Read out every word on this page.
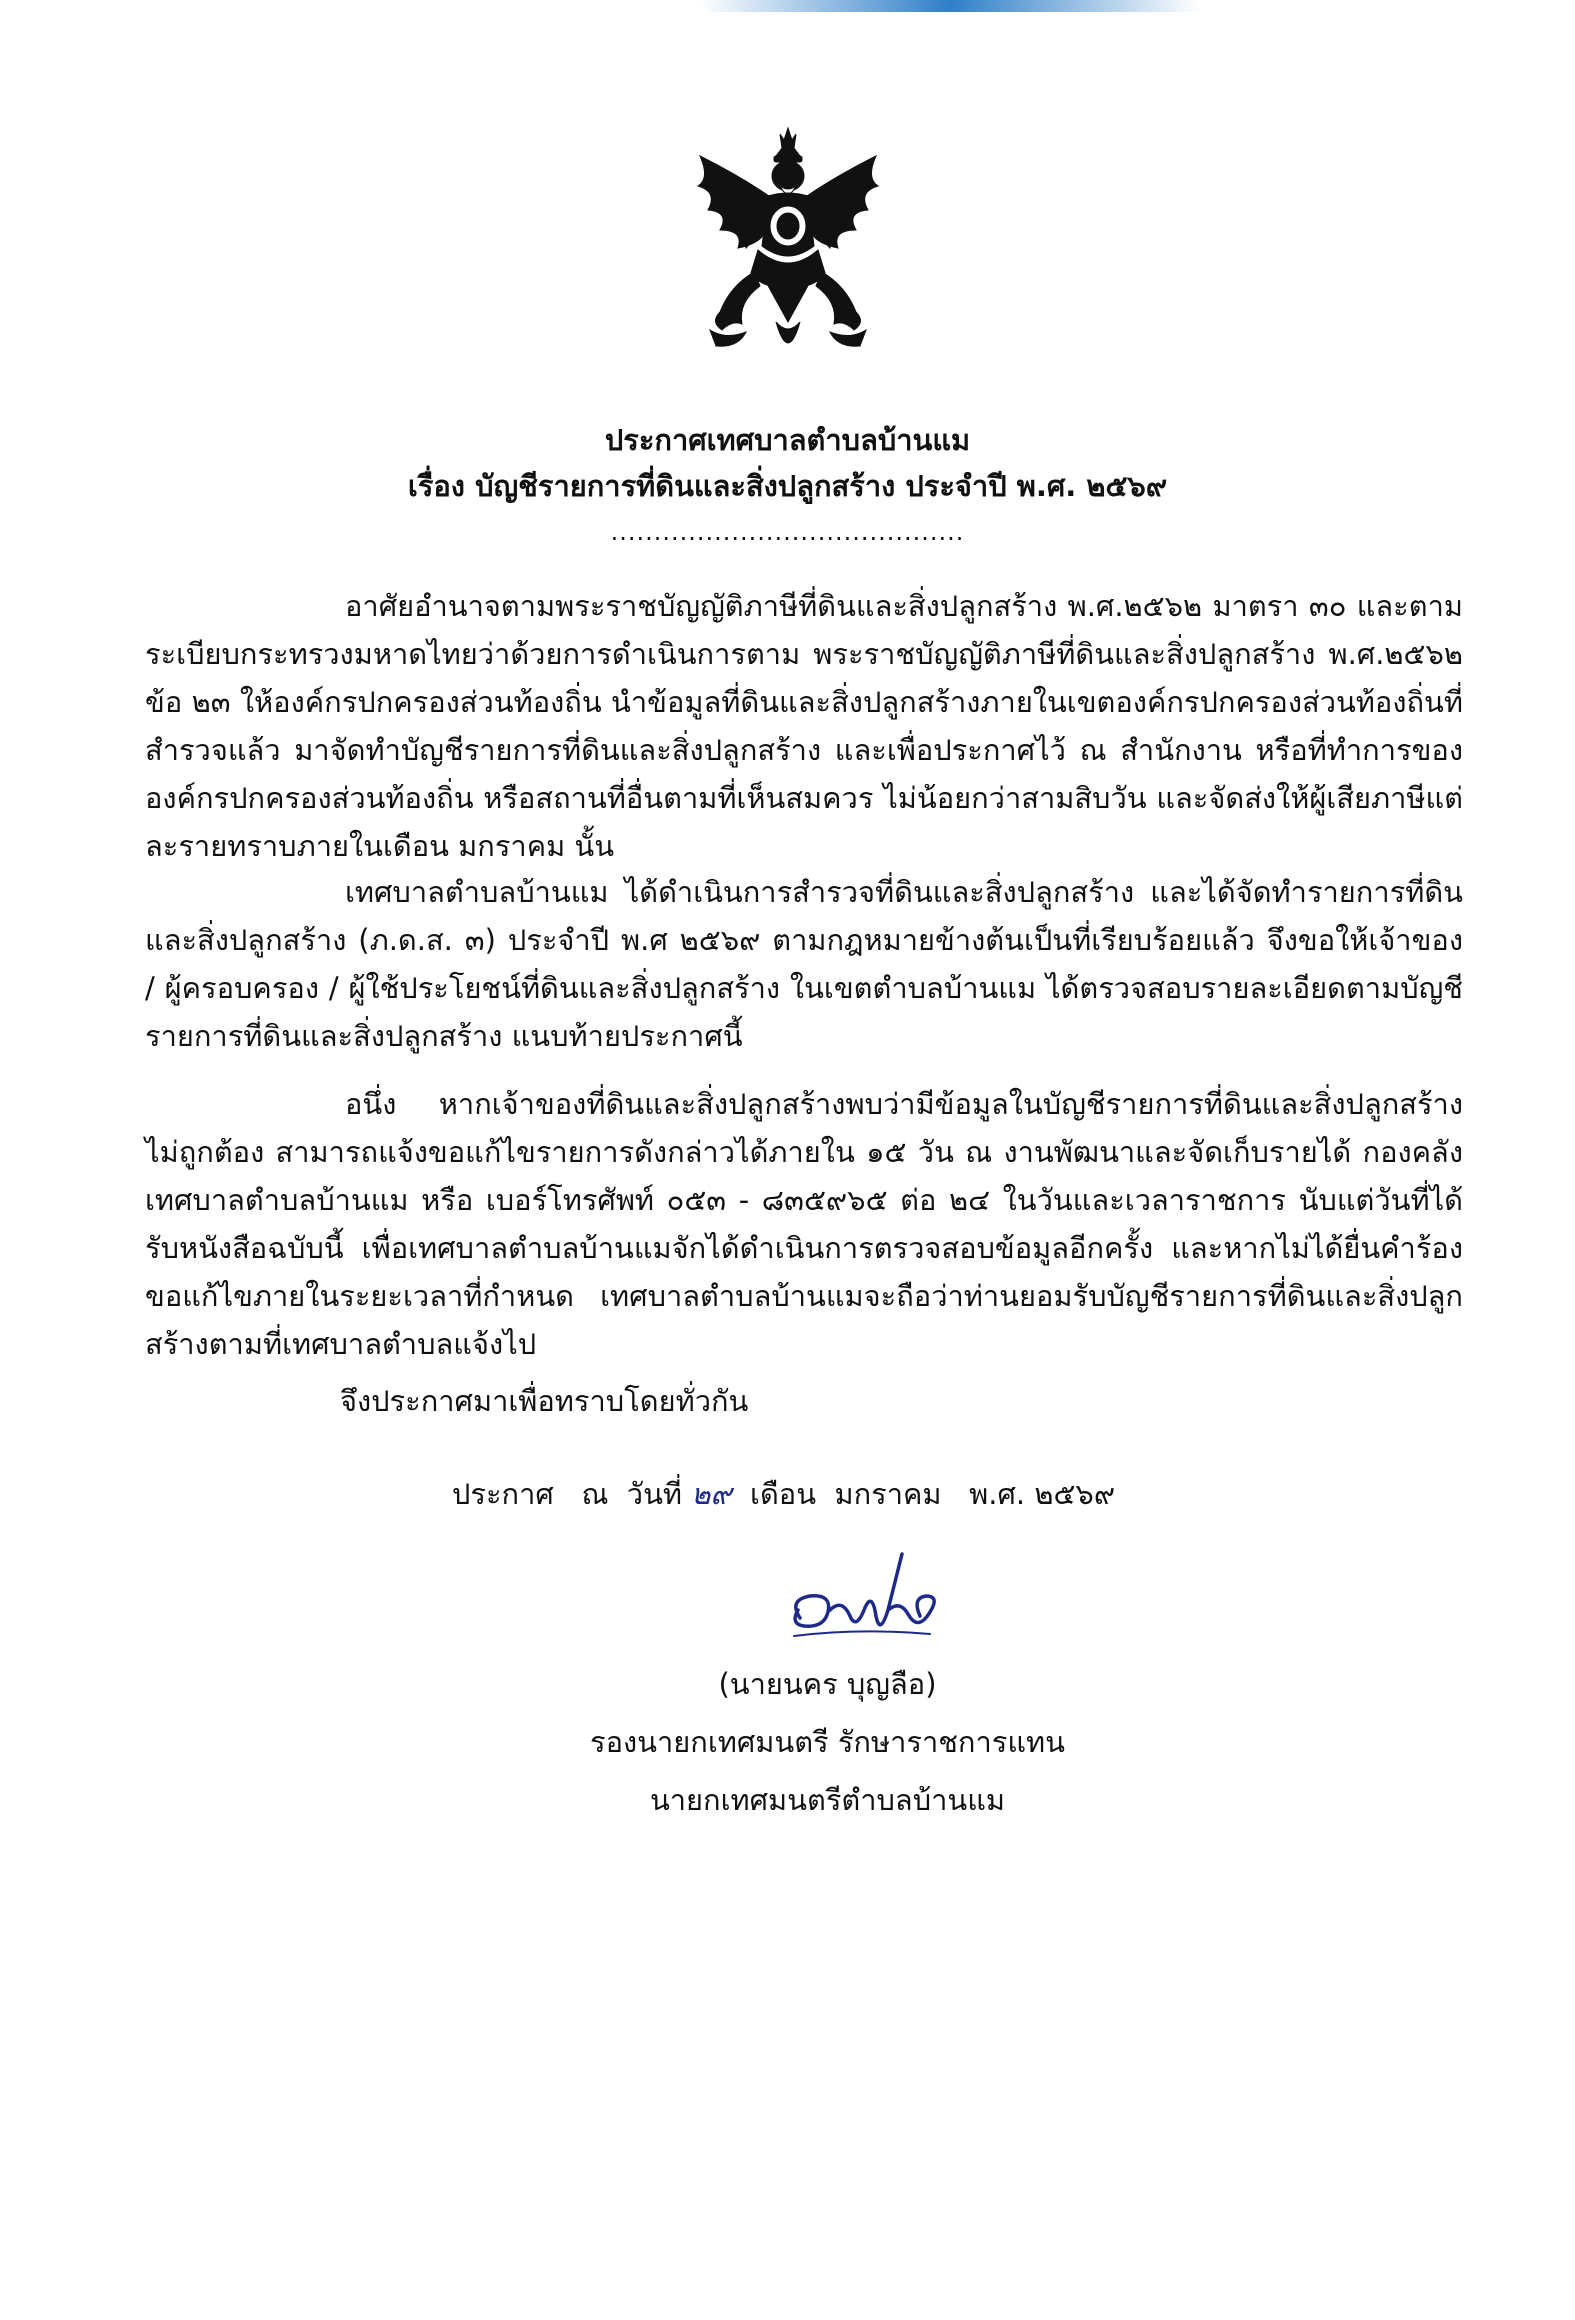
ประกาศเทศบาลตำบลบ้านแม
เรื่อง บัญชีรายการที่ดินและสิ่งปลูกสร้าง ประจำปี พ.ศ. ๒๕๖๙
.........................................

อาศัยอำนาจตามพระราชบัญญัติภาษีที่ดินและสิ่งปลูกสร้าง พ.ศ.๒๕๖๒ มาตรา ๓๐ และตามระเบียบกระทรวงมหาดไทยว่าด้วยการดำเนินการตาม พระราชบัญญัติภาษีที่ดินและสิ่งปลูกสร้าง พ.ศ.๒๕๖๒ ข้อ ๒๓ ให้องค์กรปกครองส่วนท้องถิ่น นำข้อมูลที่ดินและสิ่งปลูกสร้างภายในเขตองค์กรปกครองส่วนท้องถิ่นที่ สำรวจแล้ว มาจัดทำบัญชีรายการที่ดินและสิ่งปลูกสร้าง และเพื่อประกาศไว้ ณ สำนักงาน หรือที่ทำการของ องค์กรปกครองส่วนท้องถิ่น หรือสถานที่อื่นตามที่เห็นสมควร ไม่น้อยกว่าสามสิบวัน และจัดส่งให้ผู้เสียภาษีแต่ ละรายทราบภายในเดือน มกราคม นั้น

เทศบาลตำบลบ้านแม ได้ดำเนินการสำรวจที่ดินและสิ่งปลูกสร้าง และได้จัดทำรายการที่ดินและสิ่งปลูกสร้าง (ภ.ด.ส. ๓) ประจำปี พ.ศ ๒๕๖๙ ตามกฎหมายข้างต้นเป็นที่เรียบร้อยแล้ว จึงขอให้เจ้าของ / ผู้ครอบครอง / ผู้ใช้ประโยชน์ที่ดินและสิ่งปลูกสร้าง ในเขตตำบลบ้านแม ได้ตรวจสอบรายละเอียดตามบัญชีรายการที่ดินและสิ่งปลูกสร้าง แนบท้ายประกาศนี้

อนึ่ง หากเจ้าของที่ดินและสิ่งปลูกสร้างพบว่ามีข้อมูลในบัญชีรายการที่ดินและสิ่งปลูกสร้างไม่ถูกต้อง สามารถแจ้งขอแก้ไขรายการดังกล่าวได้ภายใน ๑๕ วัน ณ งานพัฒนาและจัดเก็บรายได้ กองคลัง เทศบาลตำบลบ้านแม หรือ เบอร์โทรศัพท์ ๐๕๓ - ๘๓๕๙๖๕ ต่อ ๒๔ ในวันและเวลาราชการ นับแต่วันที่ได้รับหนังสือฉบับนี้ เพื่อเทศบาลตำบลบ้านแมจักได้ดำเนินการตรวจสอบข้อมูลอีกครั้ง และหากไม่ได้ยื่นคำร้องขอแก้ไขภายในระยะเวลาที่กำหนด เทศบาลตำบลบ้านแมจะถือว่าท่านยอมรับบัญชีรายการที่ดินและสิ่งปลูกสร้างตามที่เทศบาลตำบลแจ้งไป

จึงประกาศมาเพื่อทราบโดยทั่วกัน
ประกาศ   ณ  วันที่ ๒๙  เดือน  มกราคม   พ.ศ. ๒๕๖๙
(นายนคร บุญลือ)
รองนายกเทศมนตรี รักษาราชการแทน
นายกเทศมนตรีตำบลบ้านแม
